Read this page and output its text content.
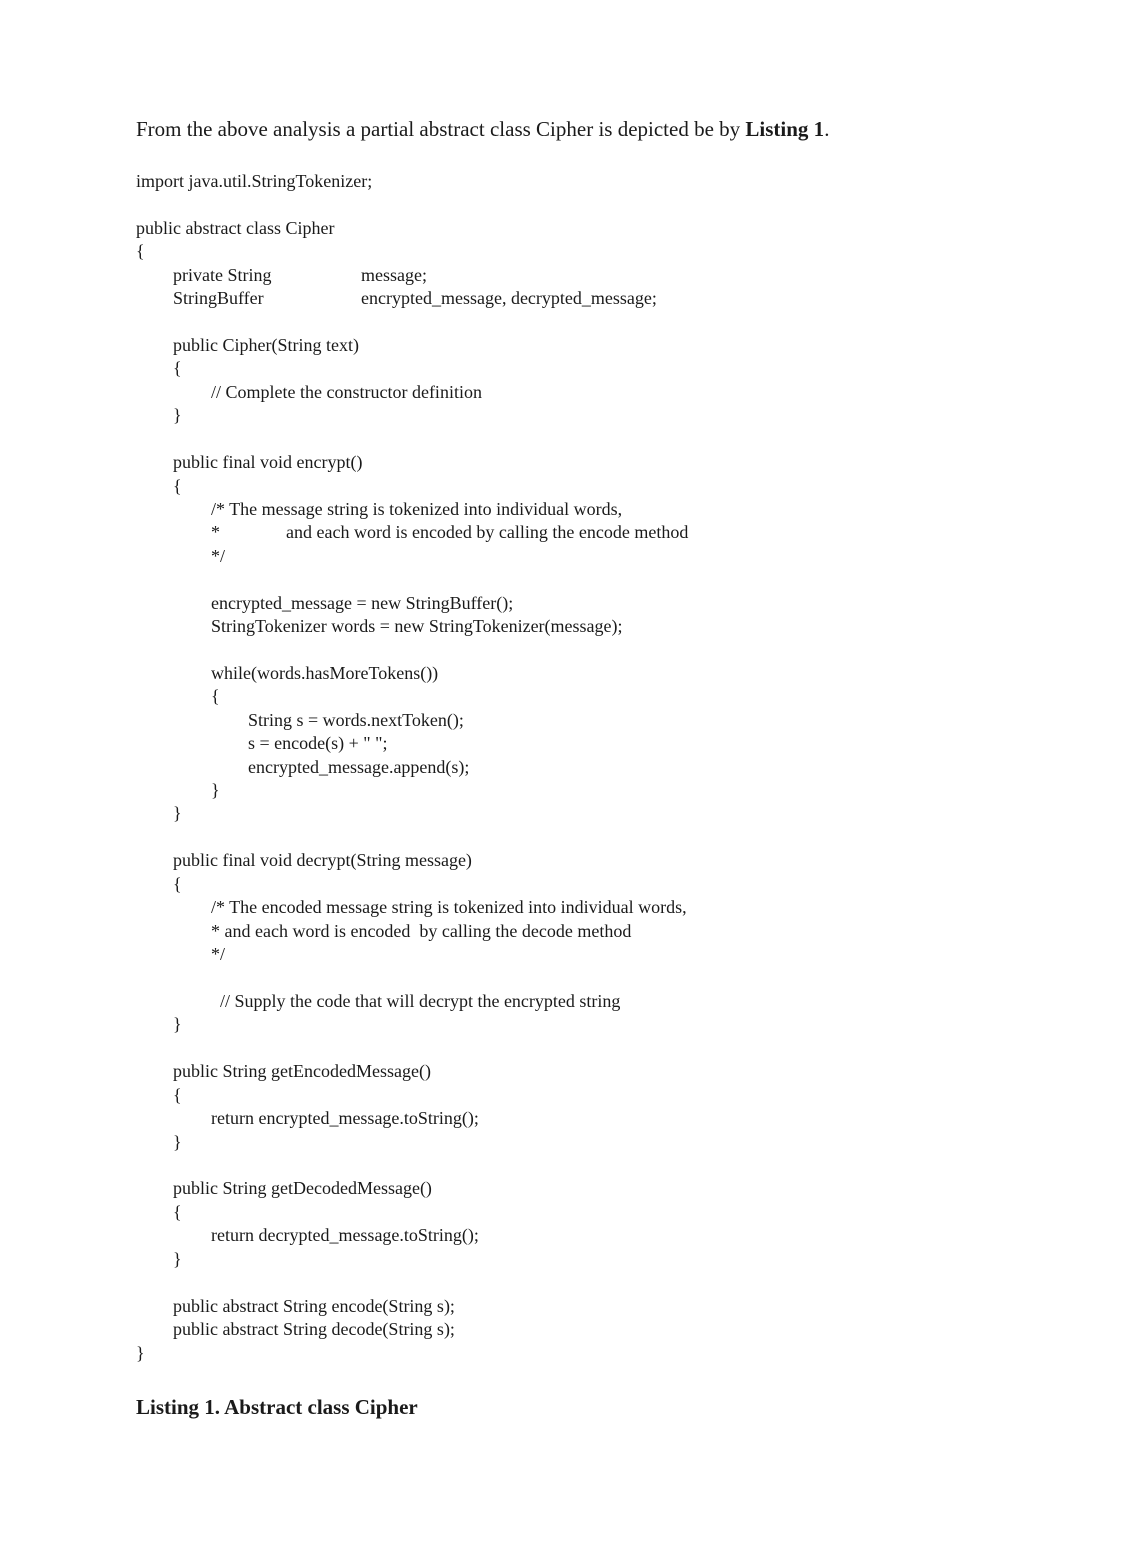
From the above analysis a partial abstract class Cipher is depicted be by Listing 1.
import java.util.StringTokenizer;
public abstract class Cipher
{
private String	message;
StringBuffer	encrypted_message, decrypted_message;
public Cipher(String text)
{
// Complete the constructor definition
}
public final void encrypt()
{
/* The message string is tokenized into individual words,
*	and each word is encoded by calling the encode method
*/
encrypted_message = new StringBuffer();
StringTokenizer words = new StringTokenizer(message);
while(words.hasMoreTokens())
{
String s = words.nextToken();
s = encode(s) + " ";
encrypted_message.append(s);
}
}
public final void decrypt(String message)
{
/* The encoded message string is tokenized into individual words,
* and each word is encoded  by calling the decode method
*/
// Supply the code that will decrypt the encrypted string
}
public String getEncodedMessage()
{
return encrypted_message.toString();
}
public String getDecodedMessage()
{
return decrypted_message.toString();
}
public abstract String encode(String s);
public abstract String decode(String s);
}
Listing 1. Abstract class Cipher
